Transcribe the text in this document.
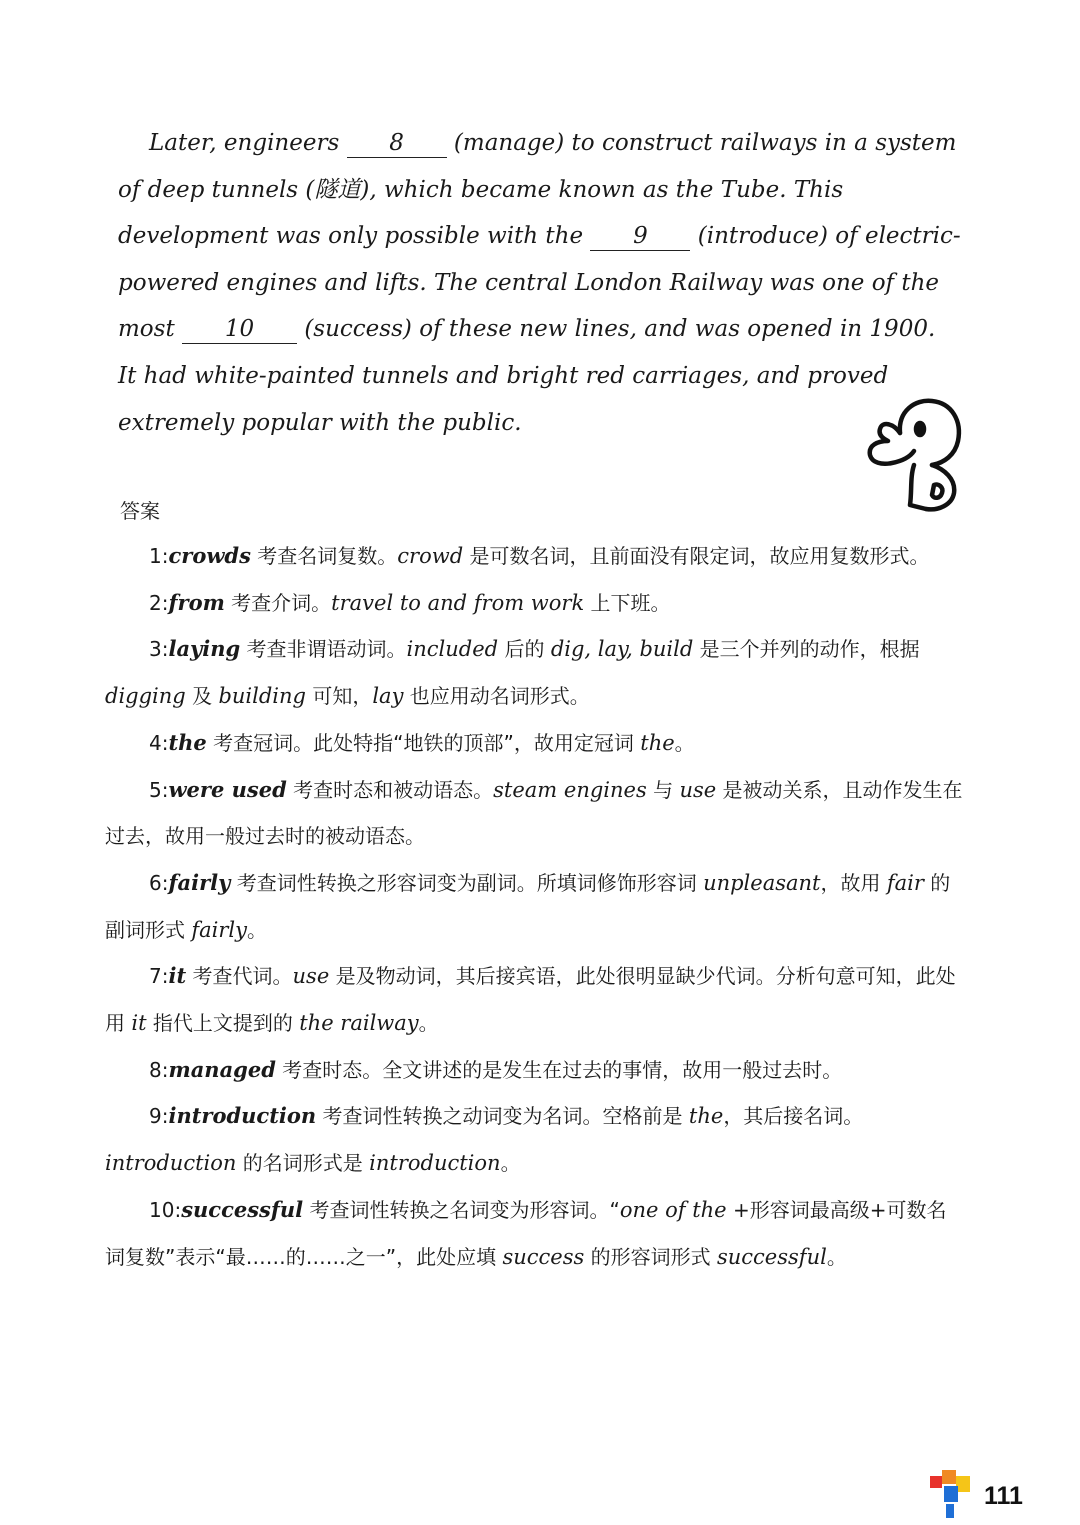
Later, engineers 8 (manage) to construct railways in a system

of deep tunnels (隧道), which became known as the Tube. This

development was only possible with the 9 (introduce) of electric-

powered engines and lifts. The central London Railway was one of the

most 10 (success) of these new lines, and was opened in 1900.

It had white-painted tunnels and bright red carriages, and proved

extremely popular with the public.

答案

1:crowds 考查名词复数。crowd 是可数名词，且前面没有限定词，故应用复数形式。

2:from 考查介词。travel to and from work 上下班。

3:laying 考查非谓语动词。included 后的 dig, lay, build 是三个并列的动作，根据 digging 及 building 可知，lay 也应用动名词形式。

4:the 考查冠词。此处特指“地铁的顶部”，故用定冠词 the。

5:were used 考查时态和被动语态。steam engines 与 use 是被动关系，且动作发生在过去，故用一般过去时的被动语态。

6:fairly 考查词性转换之形容词变为副词。所填词修饰形容词 unpleasant，故用 fair 的副词形式 fairly。

7:it 考查代词。use 是及物动词，其后接宾语，此处很明显缺少代词。分析句意可知，此处用 it 指代上文提到的 the railway。

8:managed 考查时态。全文讲述的是发生在过去的事情，故用一般过去时。

9:introduction 考查词性转换之动词变为名词。空格前是 the，其后接名词。introduction 的名词形式是 introduction。

10:successful 考查词性转换之名词变为形容词。“one of the +形容词最高级+可数名词复数”表示“最……的……之一”，此处应填 success 的形容词形式 successful。

111
